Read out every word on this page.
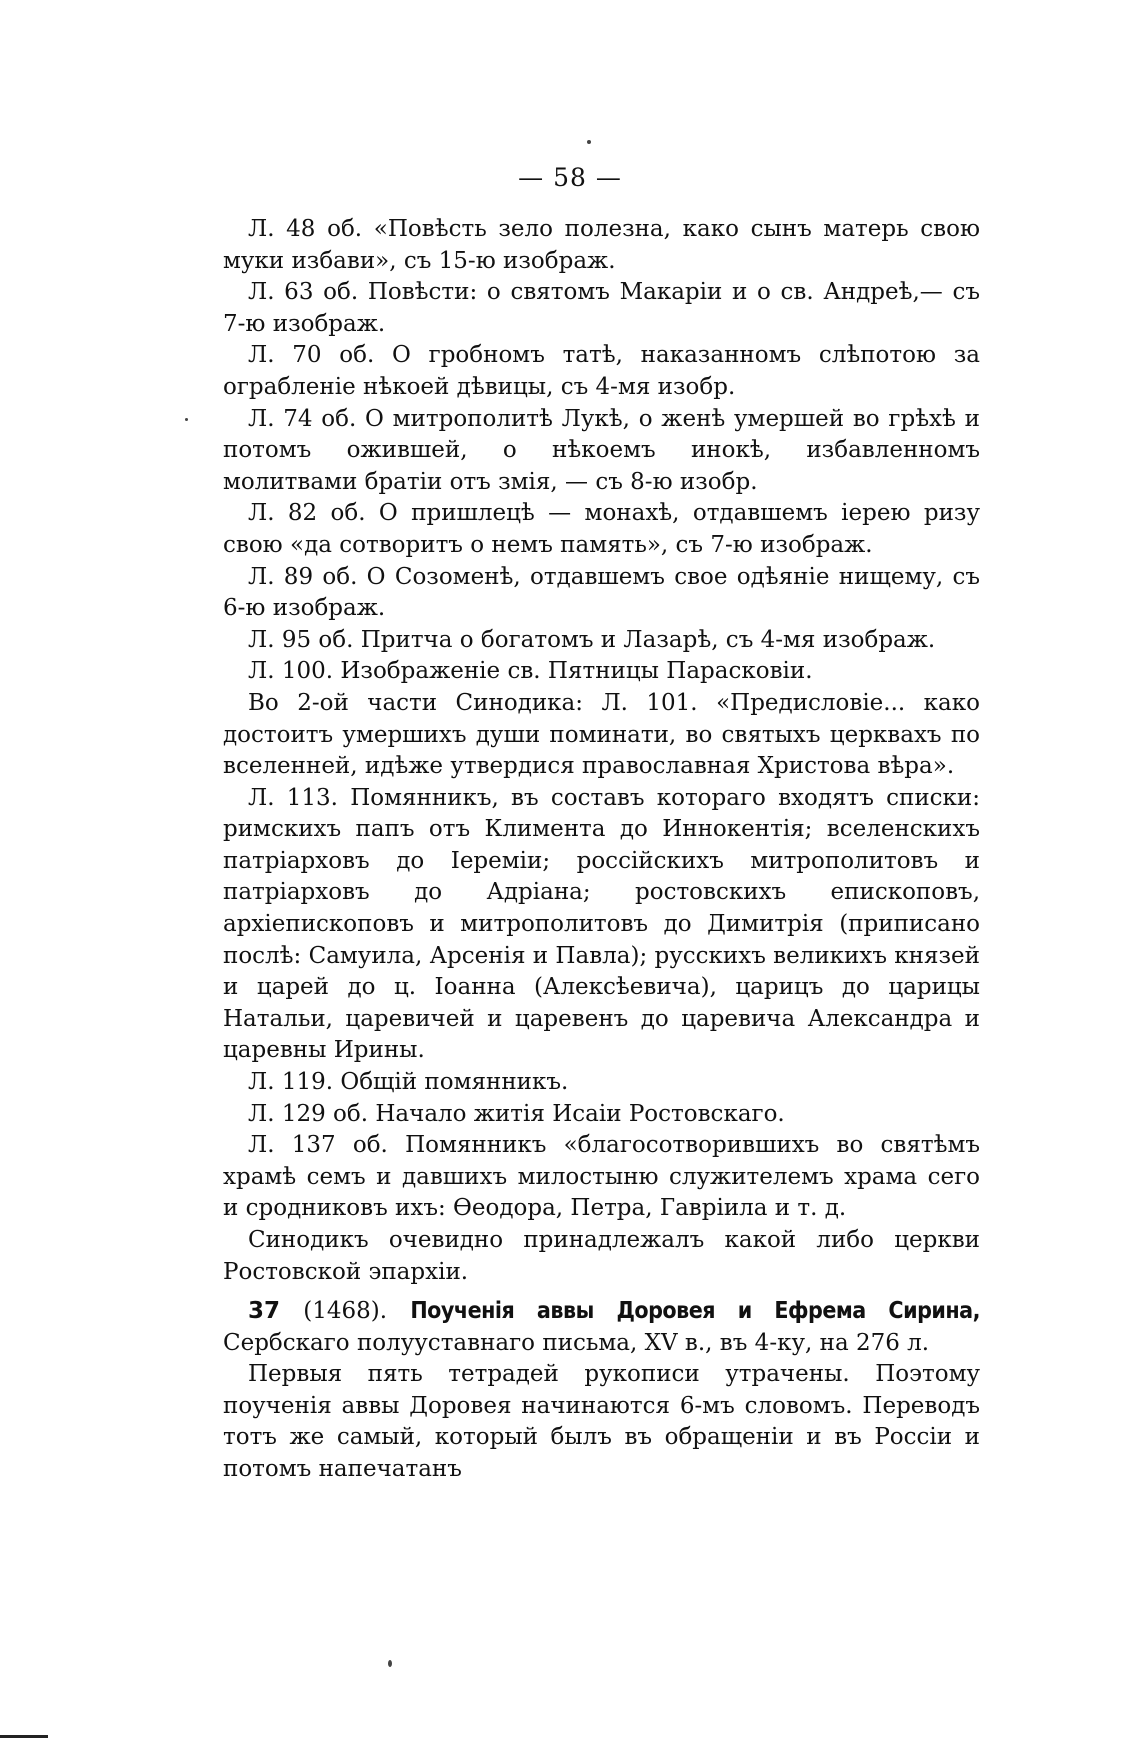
— 58 —

Л. 48 об. «Повѣсть зело полезна, како сынъ матерь свою муки избави», съ 15-ю изображ.

Л. 63 об. Повѣсти: о святомъ Макаріи и о св. Андреѣ,— съ 7-ю изображ.

Л. 70 об. О гробномъ татѣ, наказанномъ слѣпотою за ограбленіе нѣкоей дѣвицы, съ 4-мя изобр.

Л. 74 об. О митрополитѣ Лукѣ, о женѣ умершей во грѣхѣ и потомъ ожившей, о нѣкоемъ инокѣ, избавленномъ молитвами братіи отъ змія, — съ 8-ю изобр.

Л. 82 об. О пришлецѣ — монахѣ, отдавшемъ іерею ризу свою «да сотворитъ о немъ память», съ 7-ю изображ.

Л. 89 об. О Созоменѣ, отдавшемъ свое одѣяніе нищему, съ 6-ю изображ.

Л. 95 об. Притча о богатомъ и Лазарѣ, съ 4-мя изображ.

Л. 100. Изображеніе св. Пятницы Парасковіи.

Во 2-ой части Синодика: Л. 101. «Предисловіе... како достоитъ умершихъ души поминати, во святыхъ церквахъ по вселенней, идѣже утвердися православная Христова вѣра».

Л. 113. Помянникъ, въ составъ котораго входятъ списки: римскихъ папъ отъ Климента до Иннокентія; вселенскихъ патріарховъ до Іереміи; россійскихъ митрополитовъ и патріарховъ до Адріана; ростовскихъ епископовъ, архіепископовъ и митрополитовъ до Димитрія (приписано послѣ: Самуила, Арсенія и Павла); русскихъ великихъ князей и царей до ц. Іоанна (Алексѣевича), царицъ до царицы Натальи, царевичей и царевенъ до царевича Александра и царевны Ирины.

Л. 119. Общій помянникъ.

Л. 129 об. Начало житія Исаіи Ростовскаго.

Л. 137 об. Помянникъ «благосотворившихъ во святѣмъ храмѣ семъ и давшихъ милостыню служителемъ храма сего и сродниковъ ихъ: Ѳеодора, Петра, Гавріила и т. д.

Синодикъ очевидно принадлежалъ какой либо церкви Ростовской эпархіи.

37 (1468). Поученія аввы Доровея и Ефрема Сирина, Сербскаго полууставнаго письма, XV в., въ 4-ку, на 276 л.

Первыя пять тетрадей рукописи утрачены. Поэтому поученія аввы Доровея начинаются 6-мъ словомъ. Переводъ тотъ же самый, который былъ въ обращеніи и въ Россіи и потомъ напечатанъ
